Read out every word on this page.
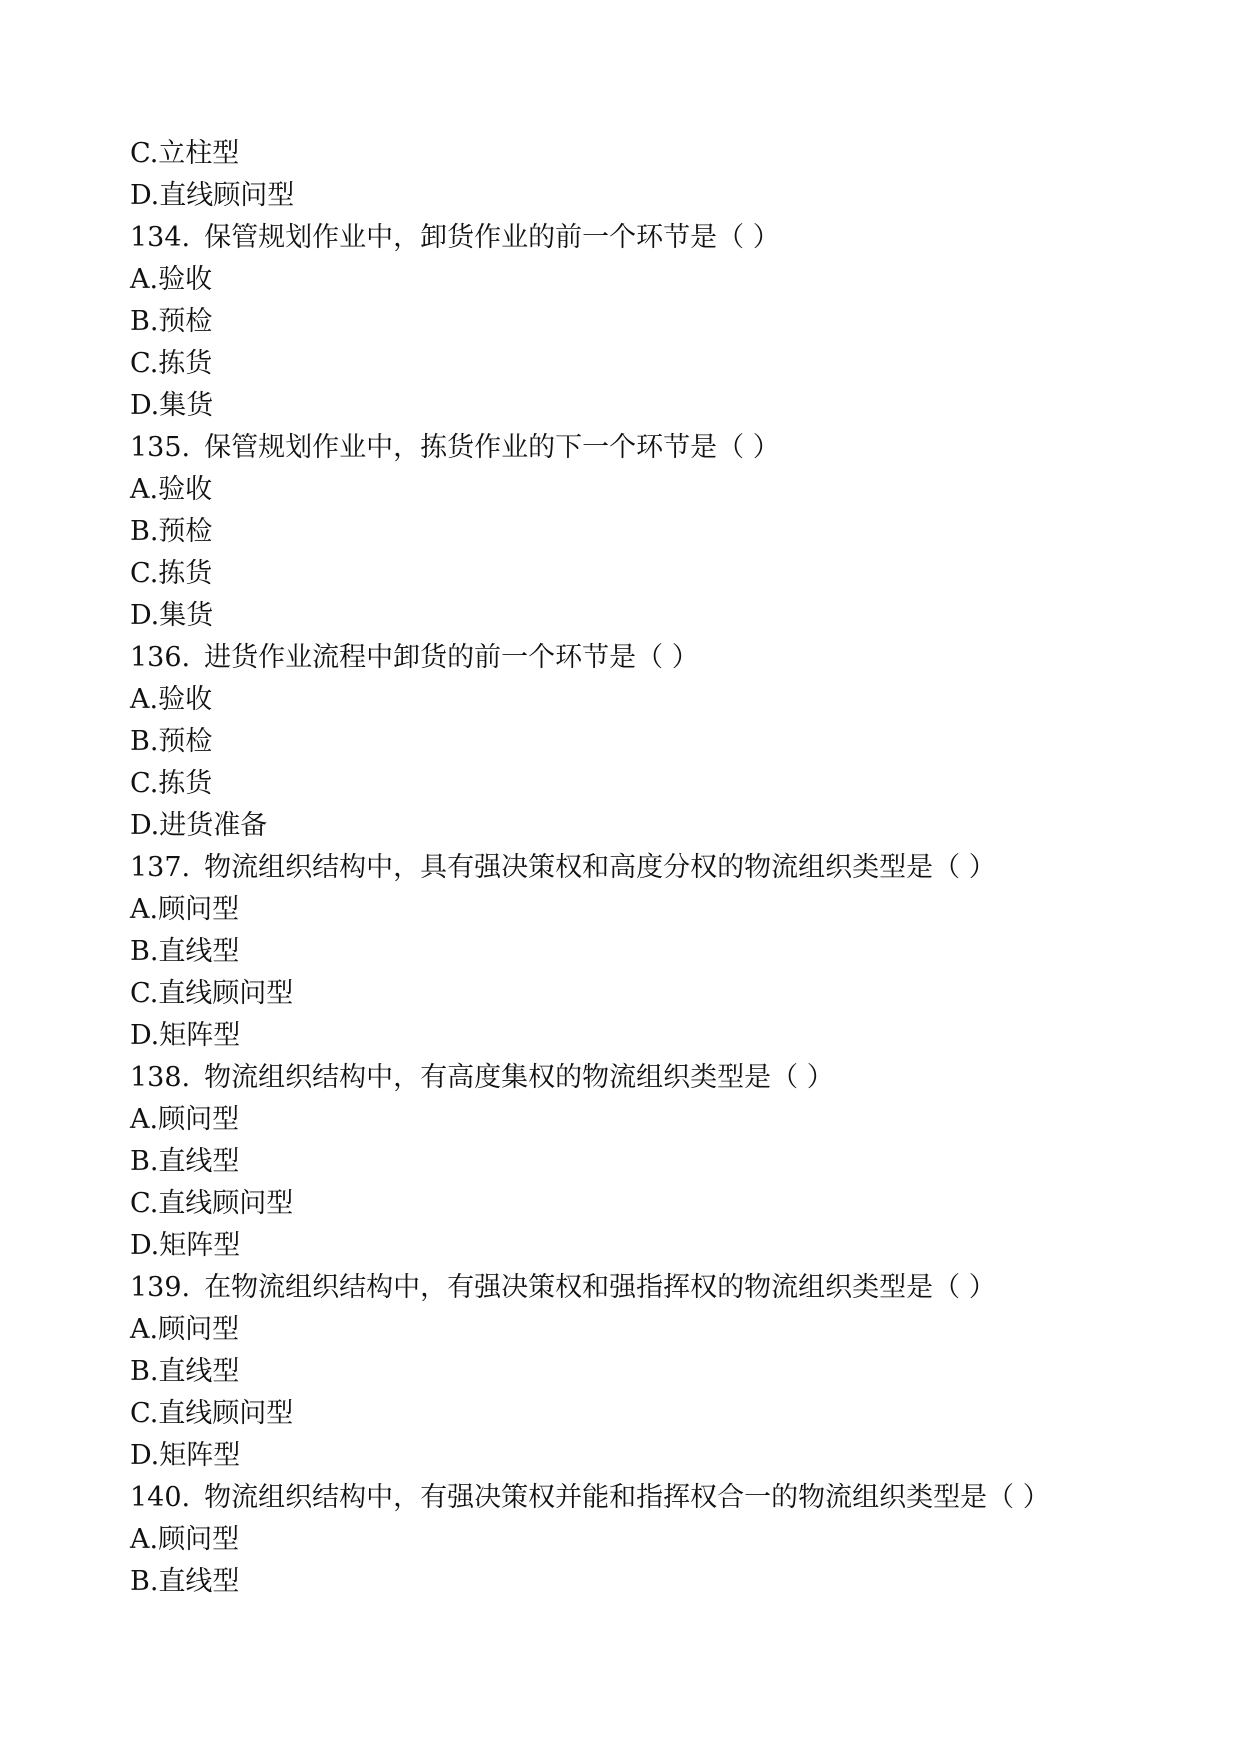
C.立柱型
D.直线顾问型
134. 保管规划作业中，卸货作业的前一个环节是（ ）
A.验收
B.预检
C.拣货
D.集货
135. 保管规划作业中，拣货作业的下一个环节是（ ）
A.验收
B.预检
C.拣货
D.集货
136. 进货作业流程中卸货的前一个环节是（ ）
A.验收
B.预检
C.拣货
D.进货准备
137. 物流组织结构中，具有强决策权和高度分权的物流组织类型是（ ）
A.顾问型
B.直线型
C.直线顾问型
D.矩阵型
138. 物流组织结构中，有高度集权的物流组织类型是（ ）
A.顾问型
B.直线型
C.直线顾问型
D.矩阵型
139. 在物流组织结构中，有强决策权和强指挥权的物流组织类型是（ ）
A.顾问型
B.直线型
C.直线顾问型
D.矩阵型
140. 物流组织结构中，有强决策权并能和指挥权合一的物流组织类型是（ ）
A.顾问型
B.直线型
